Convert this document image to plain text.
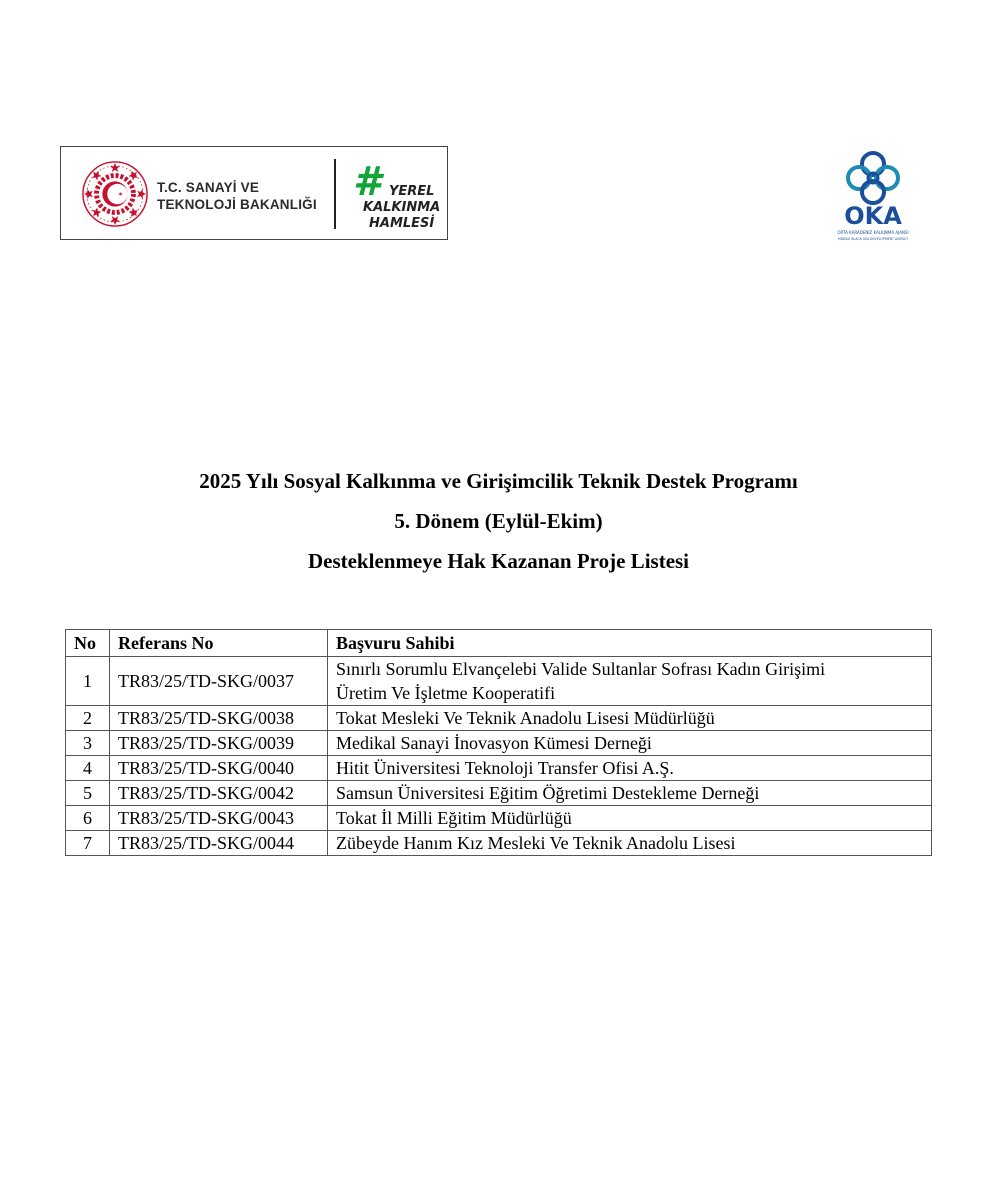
T.C. SANAYİ VE
TEKNOLOJİ BAKANLIĞI # YEREL
KALKINMA
HAMLESİ	OKA
ORTA KARADENİZ KALKINMA AJANSI
MIDDLE BLACK SEA DEVELOPMENT AGENCY
2025 Yılı Sosyal Kalkınma ve Girişimcilik Teknik Destek Programı
5. Dönem (Eylül-Ekim)
Desteklenmeye Hak Kazanan Proje Listesi
No	Referans No	Başvuru Sahibi
1	TR83/25/TD-SKG/0037	Sınırlı Sorumlu Elvançelebi Valide Sultanlar Sofrası Kadın Girişimi
Üretim Ve İşletme Kooperatifi

2	TR83/25/TD-SKG/0038	Tokat Mesleki Ve Teknik Anadolu Lisesi Müdürlüğü
3	TR83/25/TD-SKG/0039	Medikal Sanayi İnovasyon Kümesi Derneği
4	TR83/25/TD-SKG/0040	Hitit Üniversitesi Teknoloji Transfer Ofisi A.Ş.
5	TR83/25/TD-SKG/0042	Samsun Üniversitesi Eğitim Öğretimi Destekleme Derneği
6	TR83/25/TD-SKG/0043	Tokat İl Milli Eğitim Müdürlüğü
7	TR83/25/TD-SKG/0044	Zübeyde Hanım Kız Mesleki Ve Teknik Anadolu Lisesi
